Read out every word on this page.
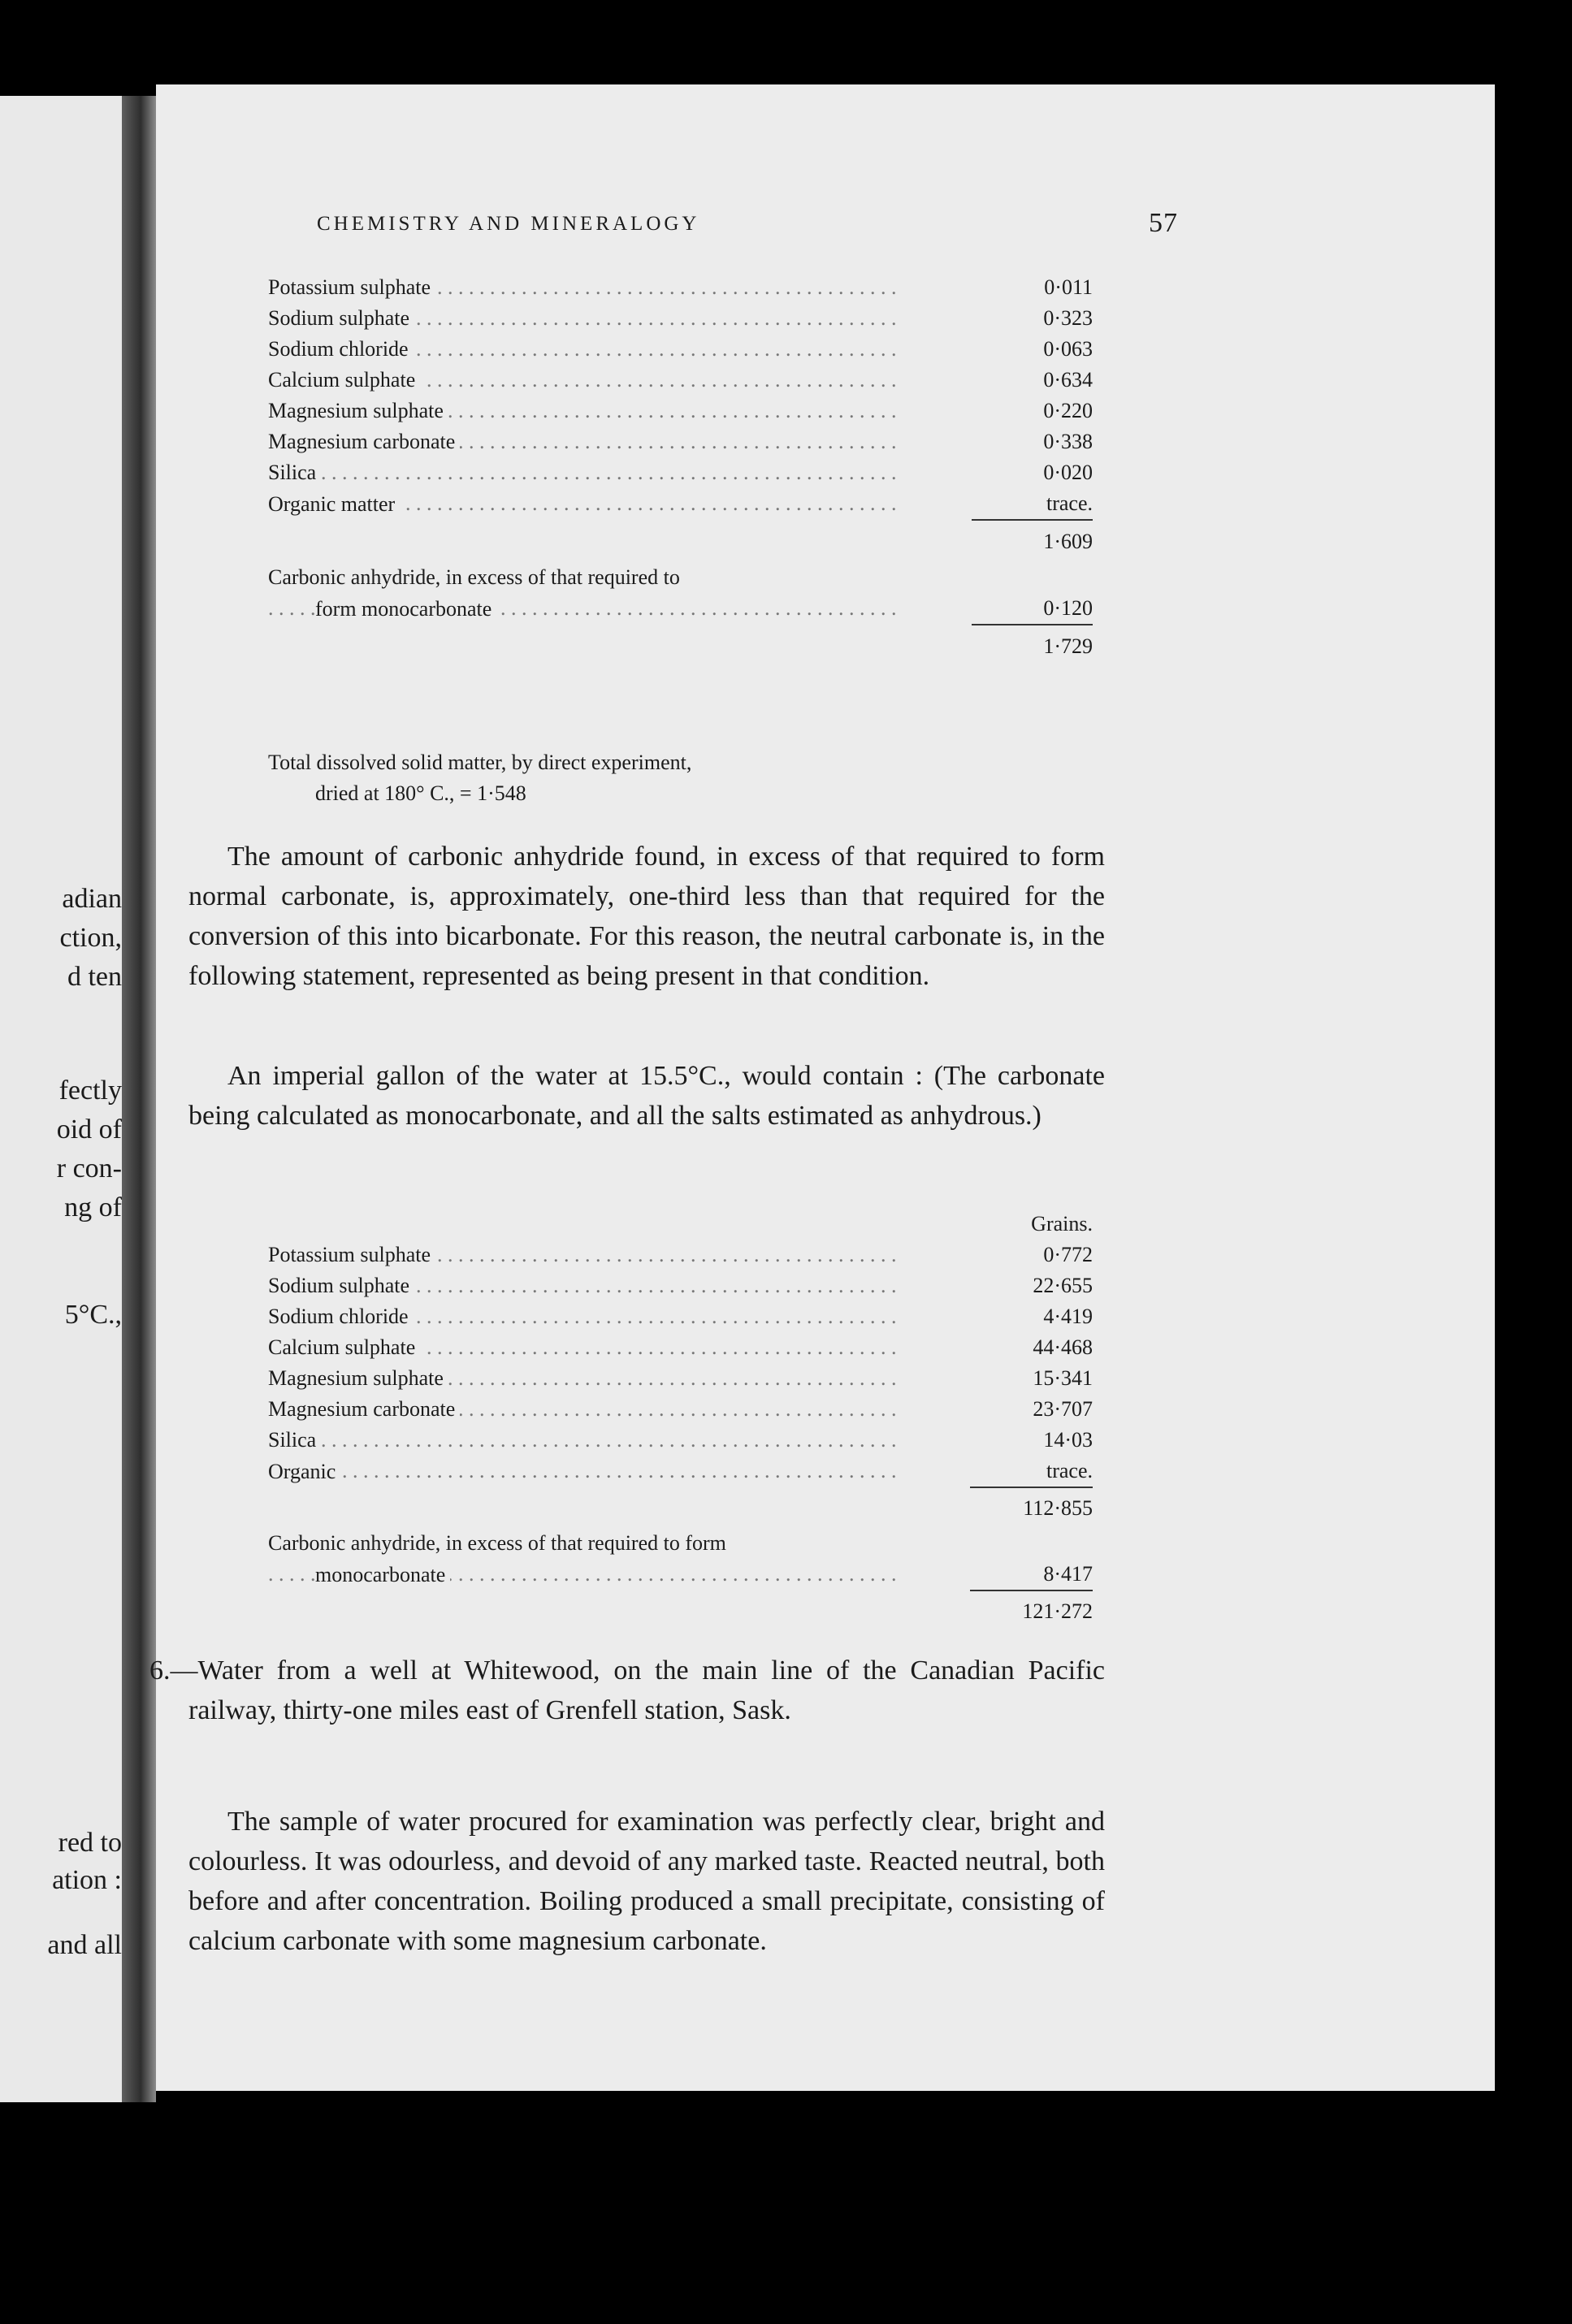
adian

ction,

d ten

fectly

oid of

r con-

ng of

5°C.,

red to

ation :

and all

CHEMISTRY AND MINERALOGY	57
Potassium sulphate . . .	0·011
Sodium sulphate . . .	0·323
Sodium chloride . . .	0·063
Calcium sulphate . . .	0·634
Magnesium sulphate . . .	0·220
Magnesium carbonate . . .	0·338
Silica . . .	0·020
Organic matter . . .	trace.
	1·609
Carbonic anhydride, in excess of that required to	
form monocarbonate . . .	0·120
	1·729
Total dissolved solid matter, by direct experiment,
dried at 180° C., = 1·548

The amount of carbonic anhydride found, in excess of that required to form normal carbonate, is, approximately, one-third less than that required for the conversion of this into bicarbonate. For this reason, the neutral carbonate is, in the following statement, represented as being present in that condition.

An imperial gallon of the water at 15.5°C., would contain : (The carbonate being calculated as monocarbonate, and all the salts estimated as anhydrous.)

	Grains.
Potassium sulphate . . .	0·772
Sodium sulphate . . .	22·655
Sodium chloride . . .	4·419
Calcium sulphate . . .	44·468
Magnesium sulphate . . .	15·341
Magnesium carbonate . . .	23·707
Silica . . .	14·03
Organic . . .	trace.
	112·855
Carbonic anhydride, in excess of that required to form	
monocarbonate . . .	8·417
	121·272

6.—Water from a well at Whitewood, on the main line of the Canadian Pacific railway, thirty-one miles east of Grenfell station, Sask.

The sample of water procured for examination was perfectly clear, bright and colourless. It was odourless, and devoid of any marked taste. Reacted neutral, both before and after concentration. Boiling produced a small precipitate, consisting of calcium carbonate with some magnesium carbonate.
